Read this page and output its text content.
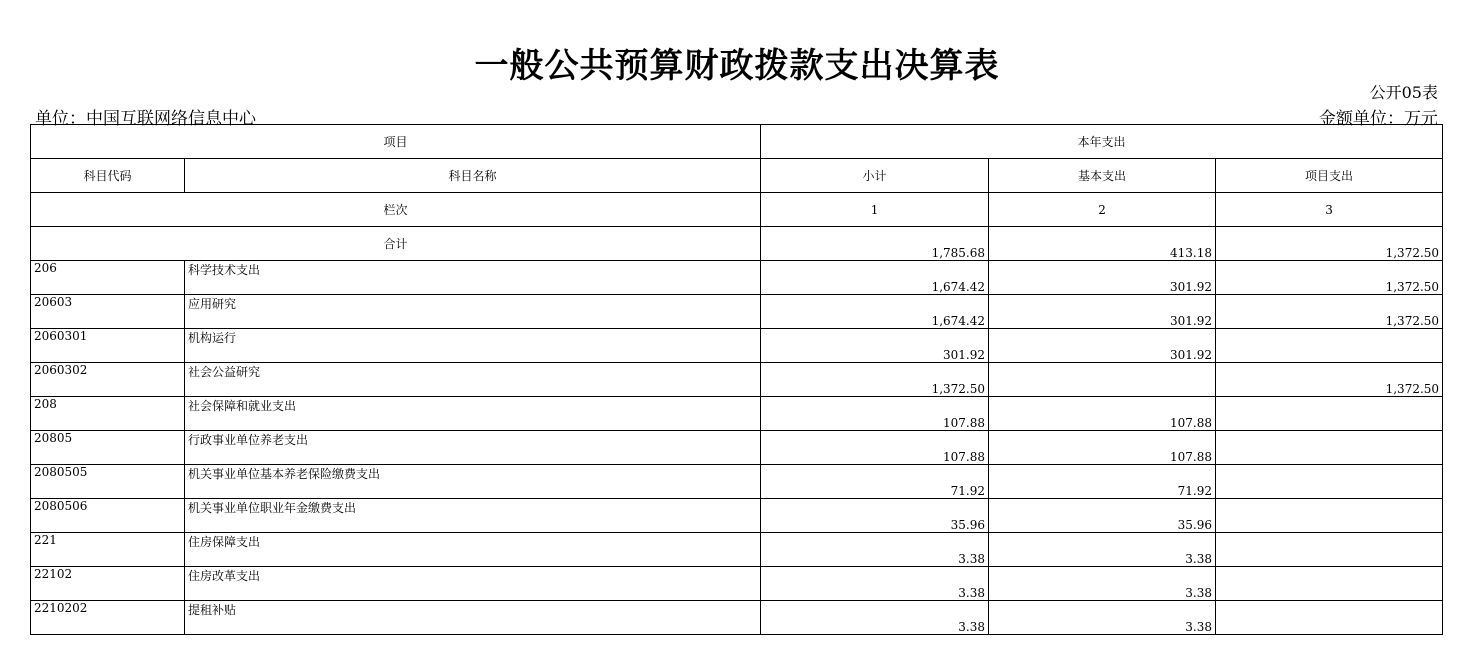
一般公共预算财政拨款支出决算表
公开05表
单位：中国互联网络信息中心	金额单位：万元
项目		本年支出		
科目代码	科目名称	小计	基本支出	项目支出
栏次		1	2	3
合计		1,785.68	413.18	1,372.50
206	科学技术支出	1,674.42	301.92	1,372.50
20603	应用研究	1,674.42	301.92	1,372.50
2060301	机构运行	301.92	301.92	
2060302	社会公益研究	1,372.50		1,372.50
208	社会保障和就业支出	107.88	107.88	
20805	行政事业单位养老支出	107.88	107.88	
2080505	机关事业单位基本养老保险缴费支出	71.92	71.92	
2080506	机关事业单位职业年金缴费支出	35.96	35.96	
221	住房保障支出	3.38	3.38	
22102	住房改革支出	3.38	3.38	
2210202	提租补贴	3.38	3.38	
